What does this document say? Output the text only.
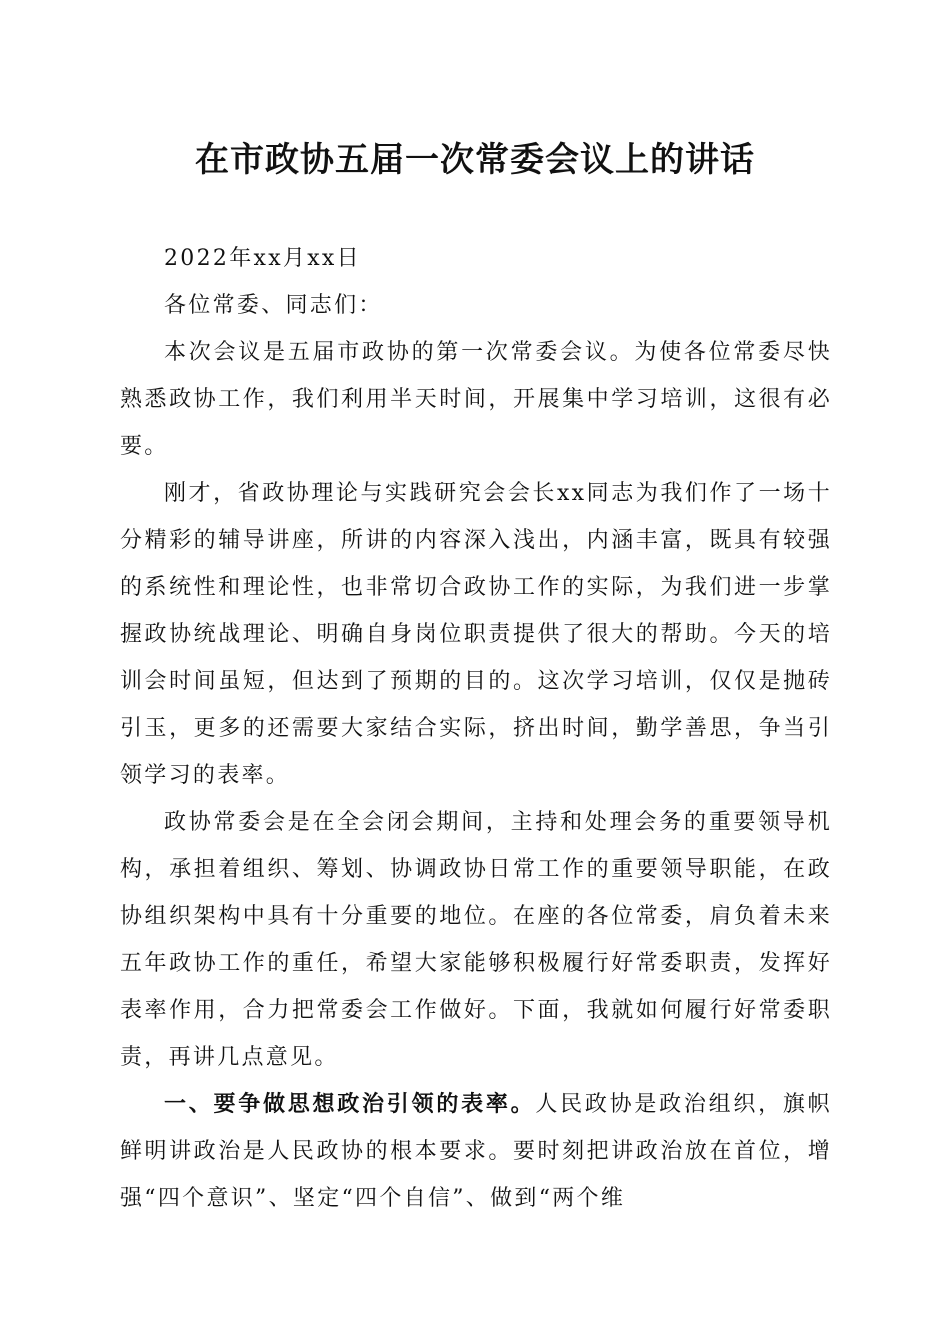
在市政协五届一次常委会议上的讲话

2022年xx月xx日

各位常委、同志们：

本次会议是五届市政协的第一次常委会议。为使各位常委尽快熟悉政协工作，我们利用半天时间，开展集中学习培训，这很有必要。

刚才，省政协理论与实践研究会会长xx同志为我们作了一场十分精彩的辅导讲座，所讲的内容深入浅出，内涵丰富，既具有较强的系统性和理论性，也非常切合政协工作的实际，为我们进一步掌握政协统战理论、明确自身岗位职责提供了很大的帮助。今天的培训会时间虽短，但达到了预期的目的。这次学习培训，仅仅是抛砖引玉，更多的还需要大家结合实际，挤出时间，勤学善思，争当引领学习的表率。

政协常委会是在全会闭会期间，主持和处理会务的重要领导机构，承担着组织、筹划、协调政协日常工作的重要领导职能，在政协组织架构中具有十分重要的地位。在座的各位常委，肩负着未来五年政协工作的重任，希望大家能够积极履行好常委职责，发挥好表率作用，合力把常委会工作做好。下面，我就如何履行好常委职责，再讲几点意见。

一、要争做思想政治引领的表率。人民政协是政治组织，旗帜鲜明讲政治是人民政协的根本要求。要时刻把讲政治放在首位，增强“四个意识”、坚定“四个自信”、做到“两个维
